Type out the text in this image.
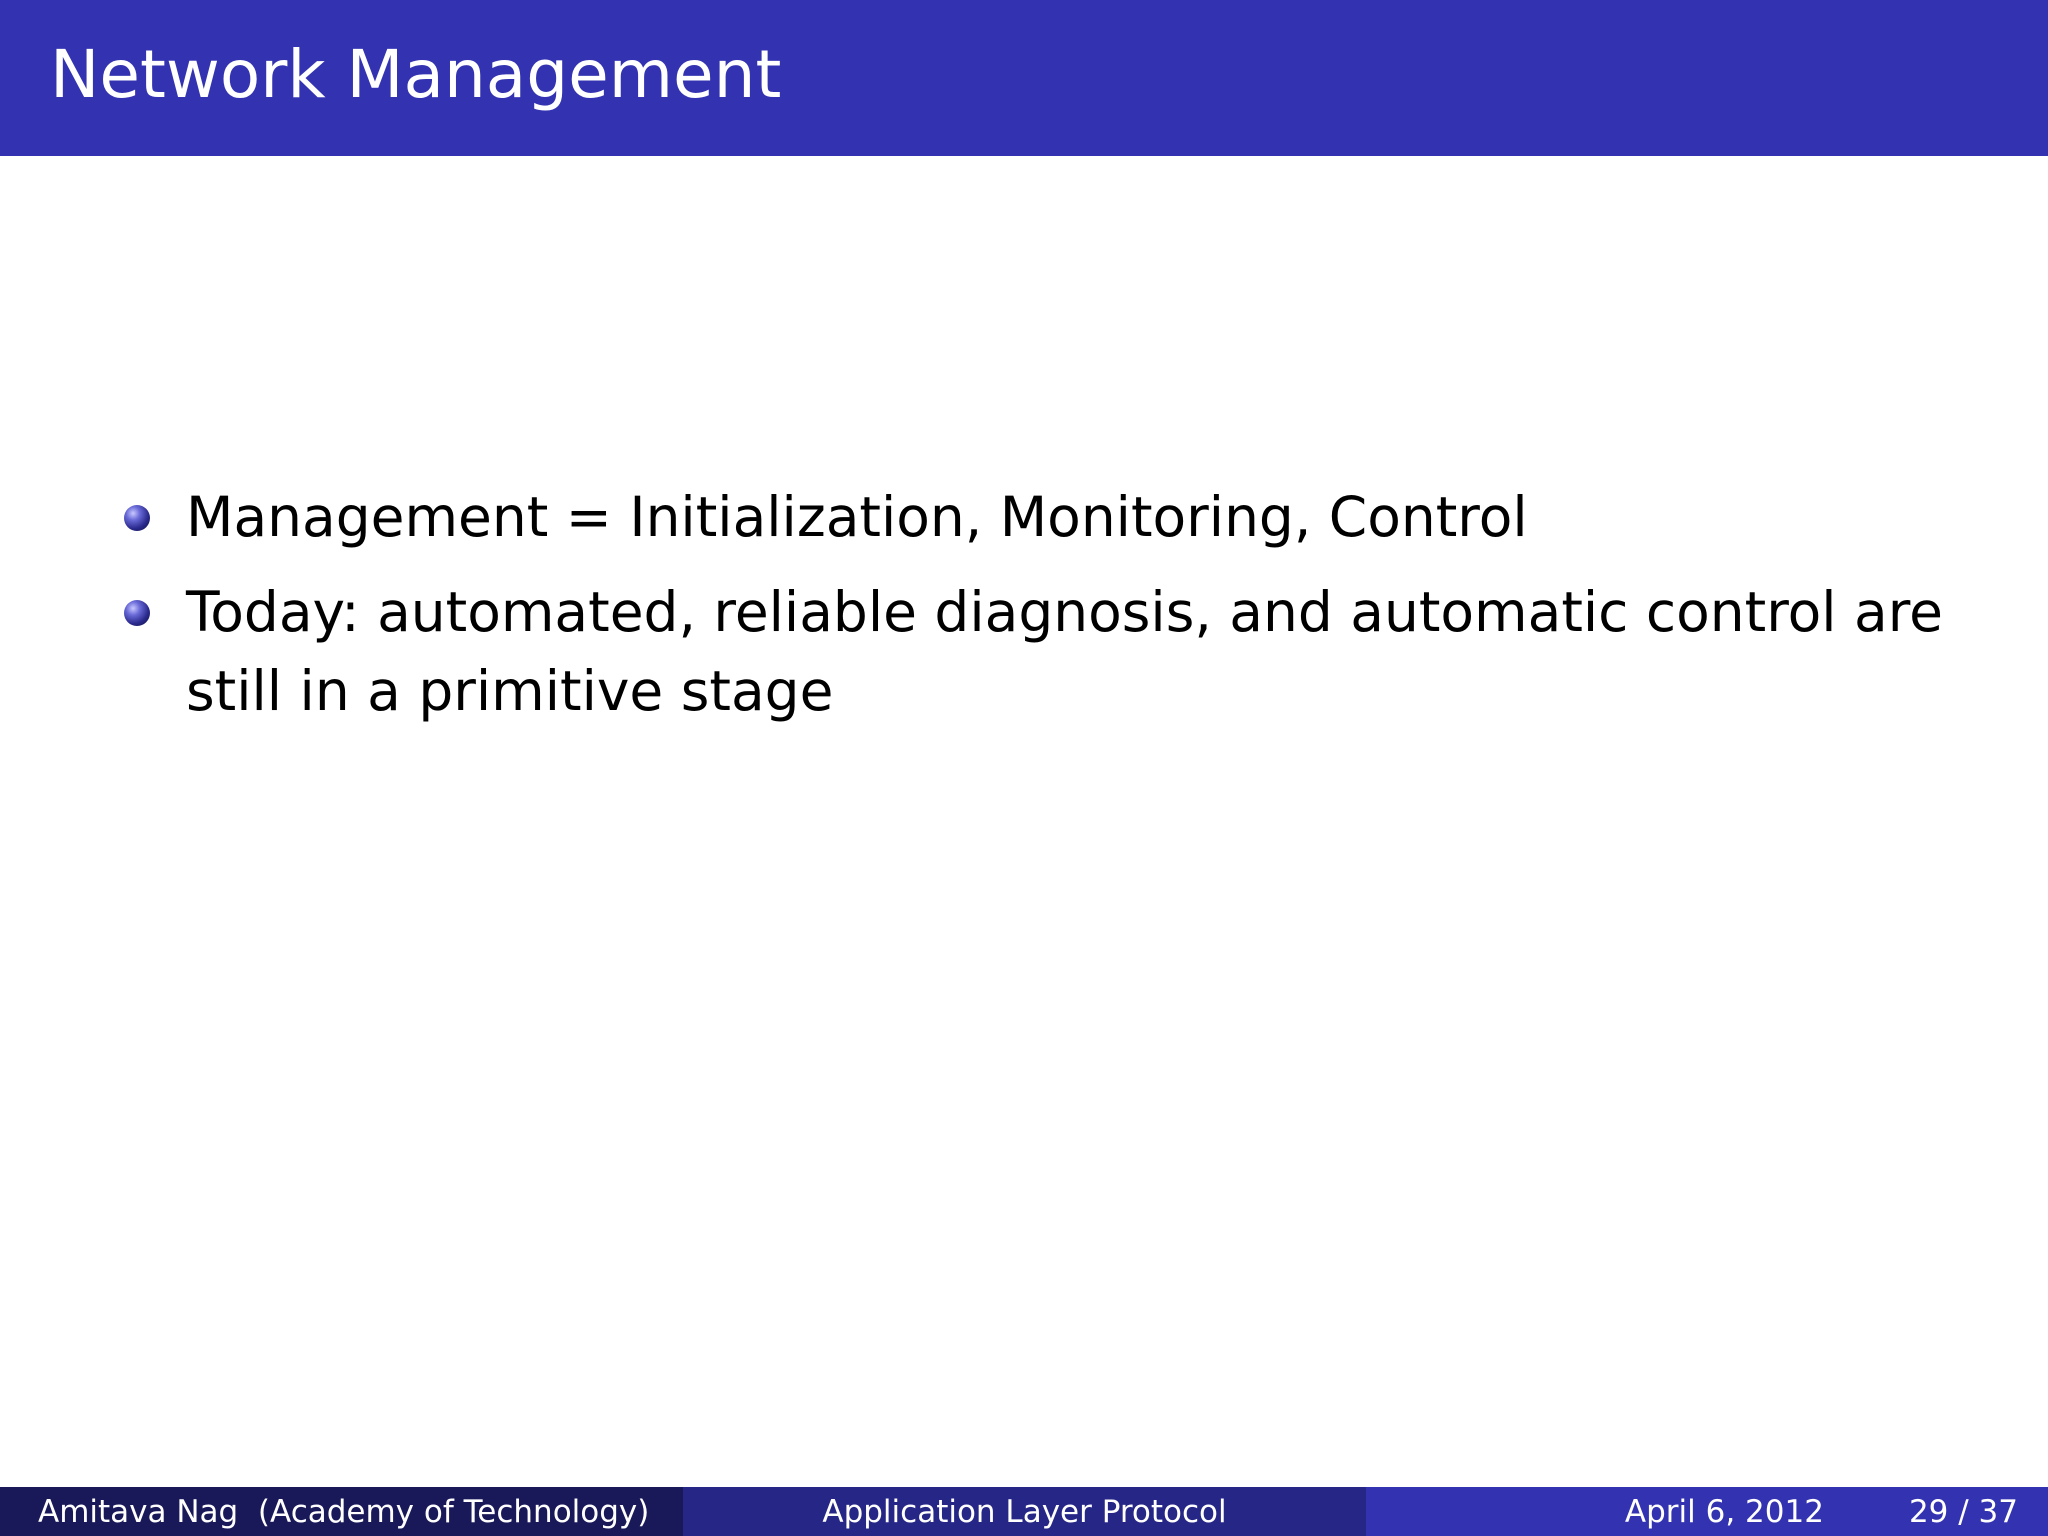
Network Management
Management = Initialization, Monitoring, Control
Today: automated, reliable diagnosis, and automatic control are still in a primitive stage
Amitava Nag  (Academy of Technology)	Application Layer Protocol	April 6, 2012	29 / 37
